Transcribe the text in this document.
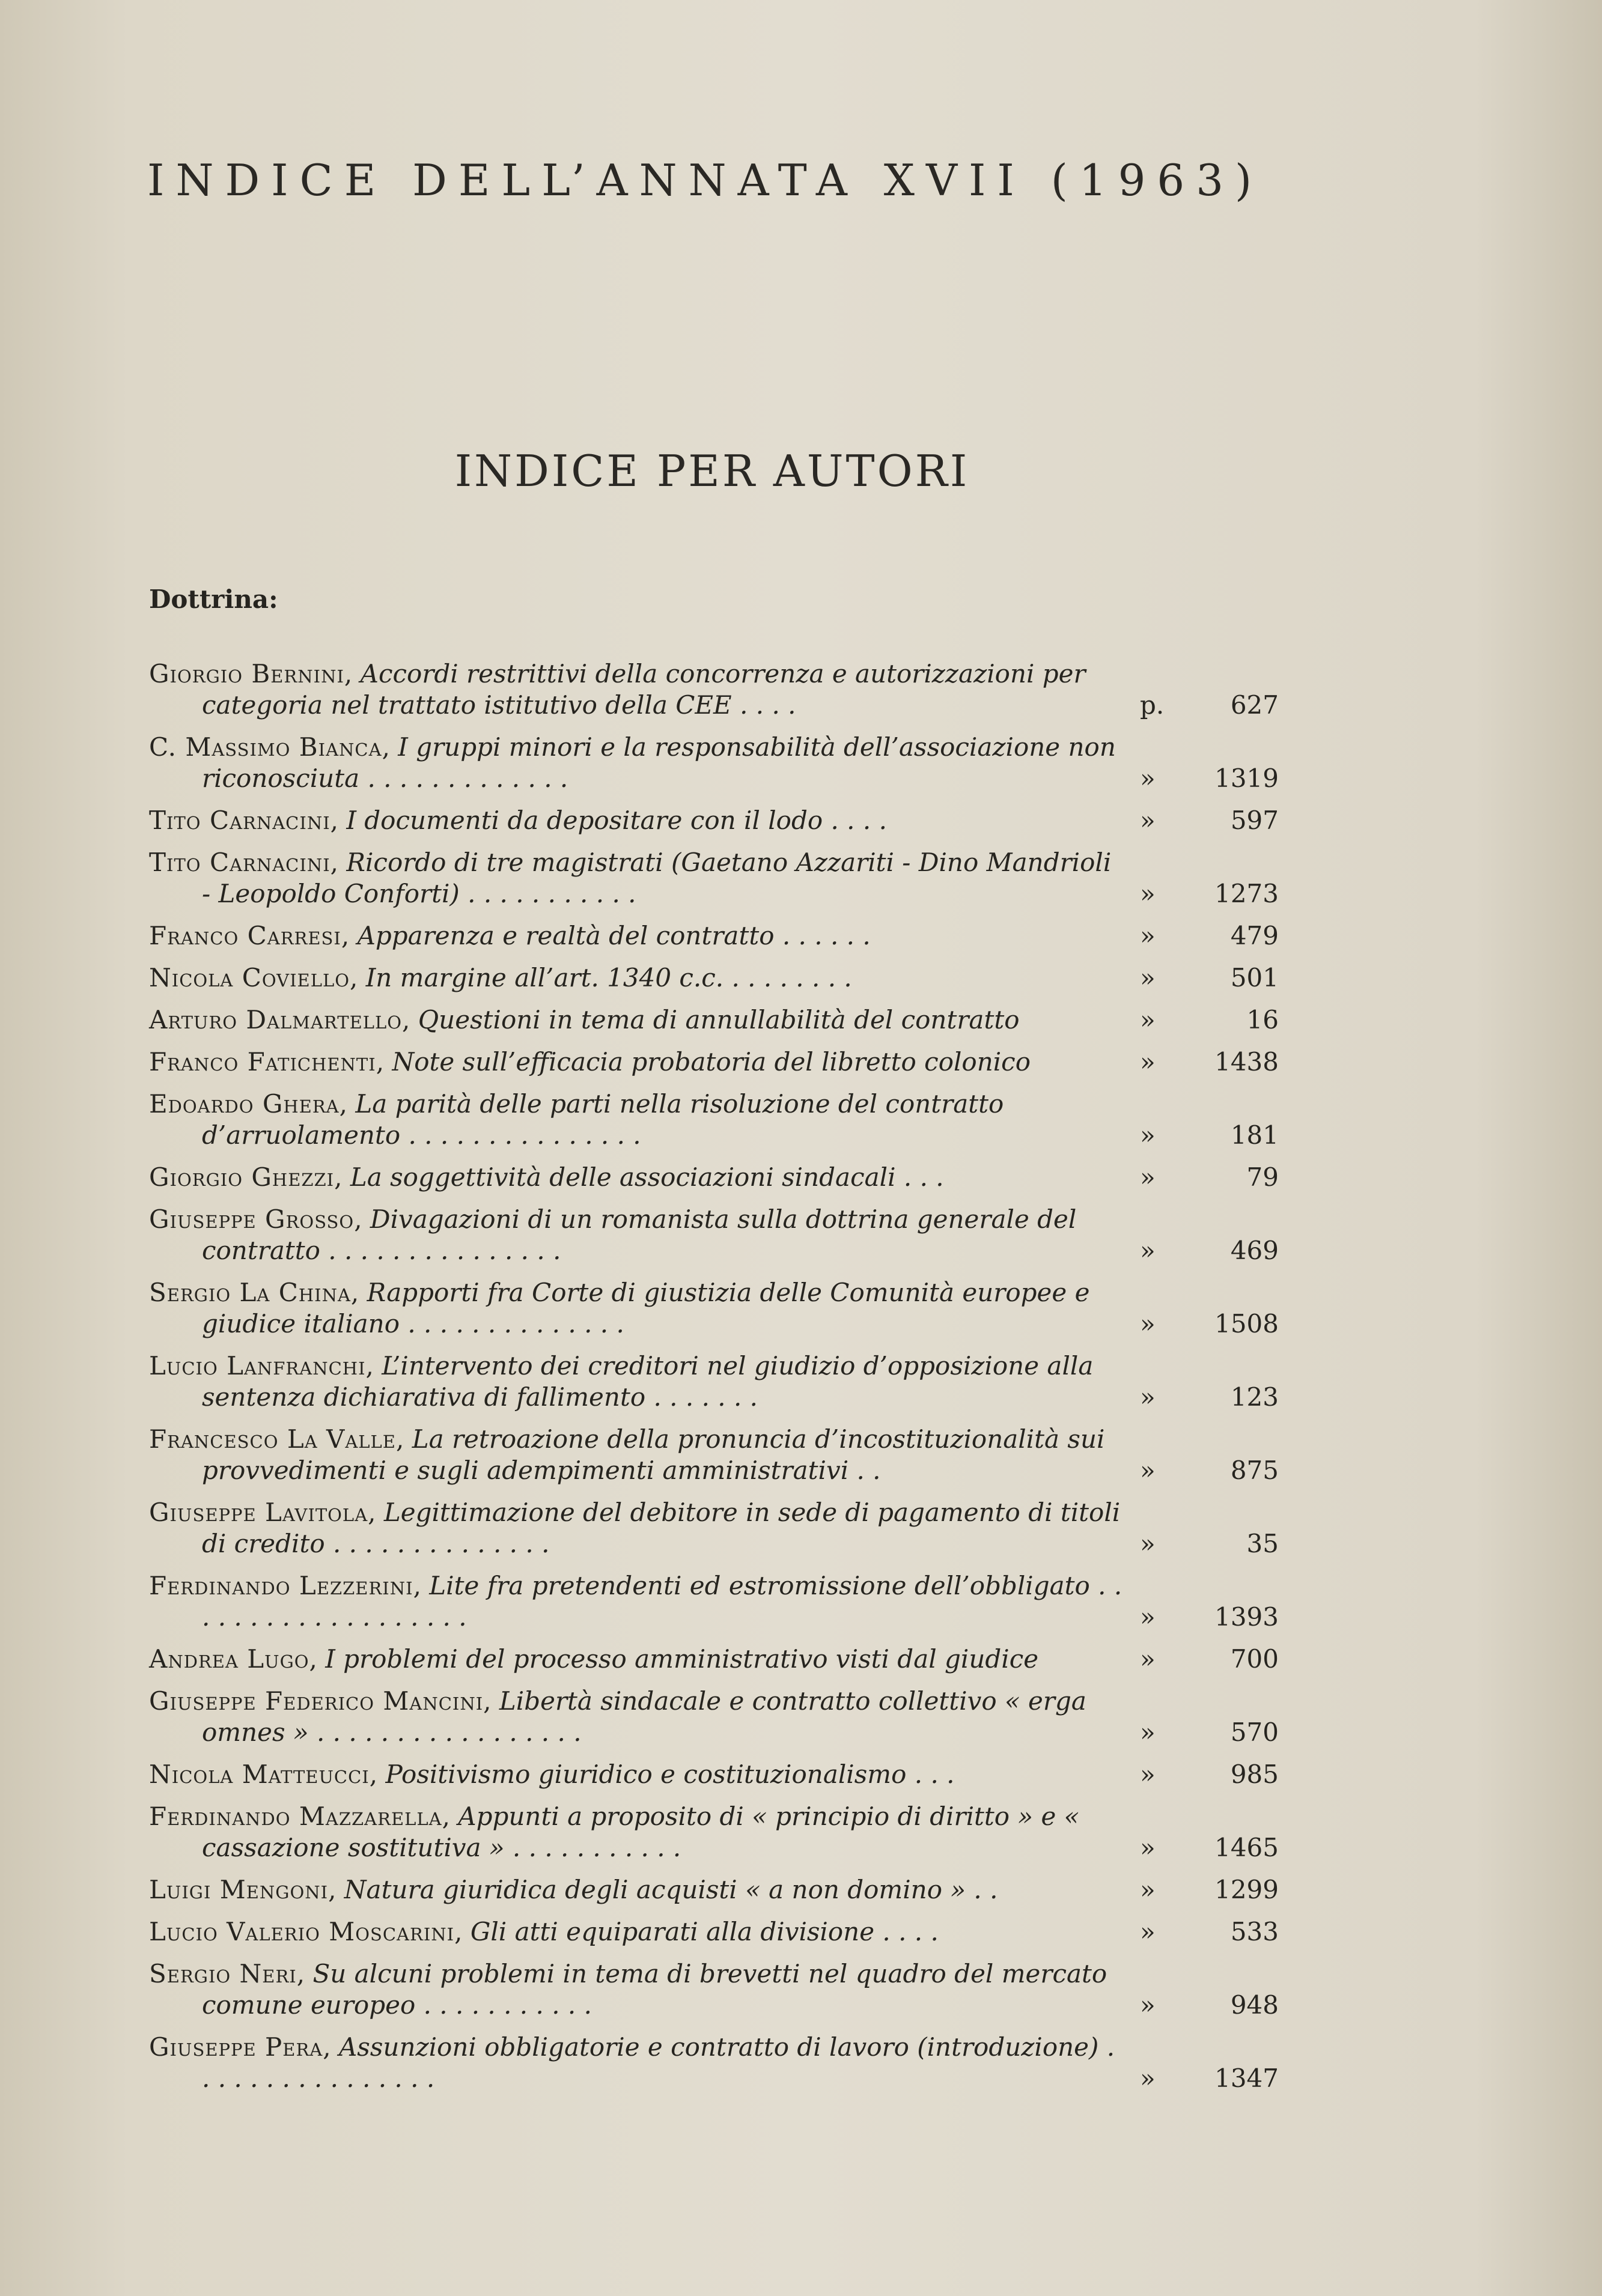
INDICE DELL’ANNATA XVII (1963)
INDICE PER AUTORI
Dottrina:
Giorgio Bernini, Accordi restrittivi della concorrenza e autorizzazioni per categoria nel trattato istitutivo della CEE . . . .	p.	627
C. Massimo Bianca, I gruppi minori e la responsabilità dell’associazione non riconosciuta . . . . . . . . . . . . .	» 1319
Tito Carnacini, I documenti da depositare con il lodo . . . .	»	597
Tito Carnacini, Ricordo di tre magistrati (Gaetano Azzariti - Dino Mandrioli - Leopoldo Conforti) . . . . . . . . . . .	» 1273
Franco Carresi, Apparenza e realtà del contratto . . . . . .	»	479
Nicola Coviello, In margine all’art. 1340 c.c. . . . . . . . .	»	501
Arturo Dalmartello, Questioni in tema di annullabilità del contratto	»	16
Franco Fatichenti, Note sull’efficacia probatoria del libretto colonico	» 1438
Edoardo Ghera, La parità delle parti nella risoluzione del contratto d’arruolamento . . . . . . . . . . . . . . .	»	181
Giorgio Ghezzi, La soggettività delle associazioni sindacali . . .	»	79
Giuseppe Grosso, Divagazioni di un romanista sulla dottrina generale del contratto . . . . . . . . . . . . . . .	»	469
Sergio La China, Rapporti fra Corte di giustizia delle Comunità europee e giudice italiano . . . . . . . . . . . . . .	» 1508
Lucio Lanfranchi, L’intervento dei creditori nel giudizio d’opposizione alla sentenza dichiarativa di fallimento . . . . . . .	»	123
Francesco La Valle, La retroazione della pronuncia d’incostituzionalità sui provvedimenti e sugli adempimenti amministrativi . .	»	875
Giuseppe Lavitola, Legittimazione del debitore in sede di pagamento di titoli di credito . . . . . . . . . . . . . .	»	35
Ferdinando Lezzerini, Lite fra pretendenti ed estromissione dell’obbligato . . . . . . . . . . . . . . . . . . .	» 1393
Andrea Lugo, I problemi del processo amministrativo visti dal giudice	»	700
Giuseppe Federico Mancini, Libertà sindacale e contratto collettivo « erga omnes » . . . . . . . . . . . . . . . . .	»	570
Nicola Matteucci, Positivismo giuridico e costituzionalismo . . .	»	985
Ferdinando Mazzarella, Appunti a proposito di « principio di diritto » e « cassazione sostitutiva » . . . . . . . . . . .	» 1465
Luigi Mengoni, Natura giuridica degli acquisti « a non domino » . .	» 1299
Lucio Valerio Moscarini, Gli atti equiparati alla divisione . . . .	»	533
Sergio Neri, Su alcuni problemi in tema di brevetti nel quadro del mercato comune europeo . . . . . . . . . . .	»	948
Giuseppe Pera, Assunzioni obbligatorie e contratto di lavoro (introduzione) . . . . . . . . . . . . . . . .	» 1347
